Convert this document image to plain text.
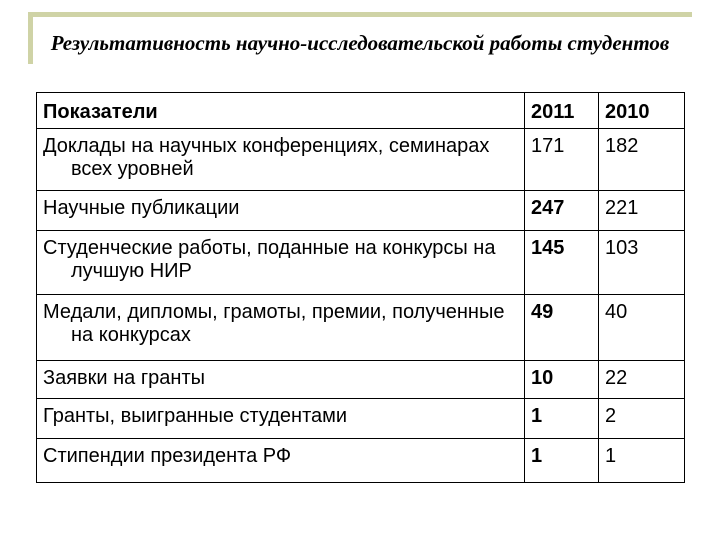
Результативность научно-исследовательской работы студентов
Показатели	2011	2010
Доклады на научных конференциях, семинарах всех уровней	171	182
Научные публикации	247	221
Студенческие работы, поданные на конкурсы на лучшую НИР	145	103
Медали, дипломы, грамоты, премии, полученные на конкурсах	49	40
Заявки на гранты	10	22
Гранты, выигранные студентами	1	2
Стипендии президента РФ	1	1
